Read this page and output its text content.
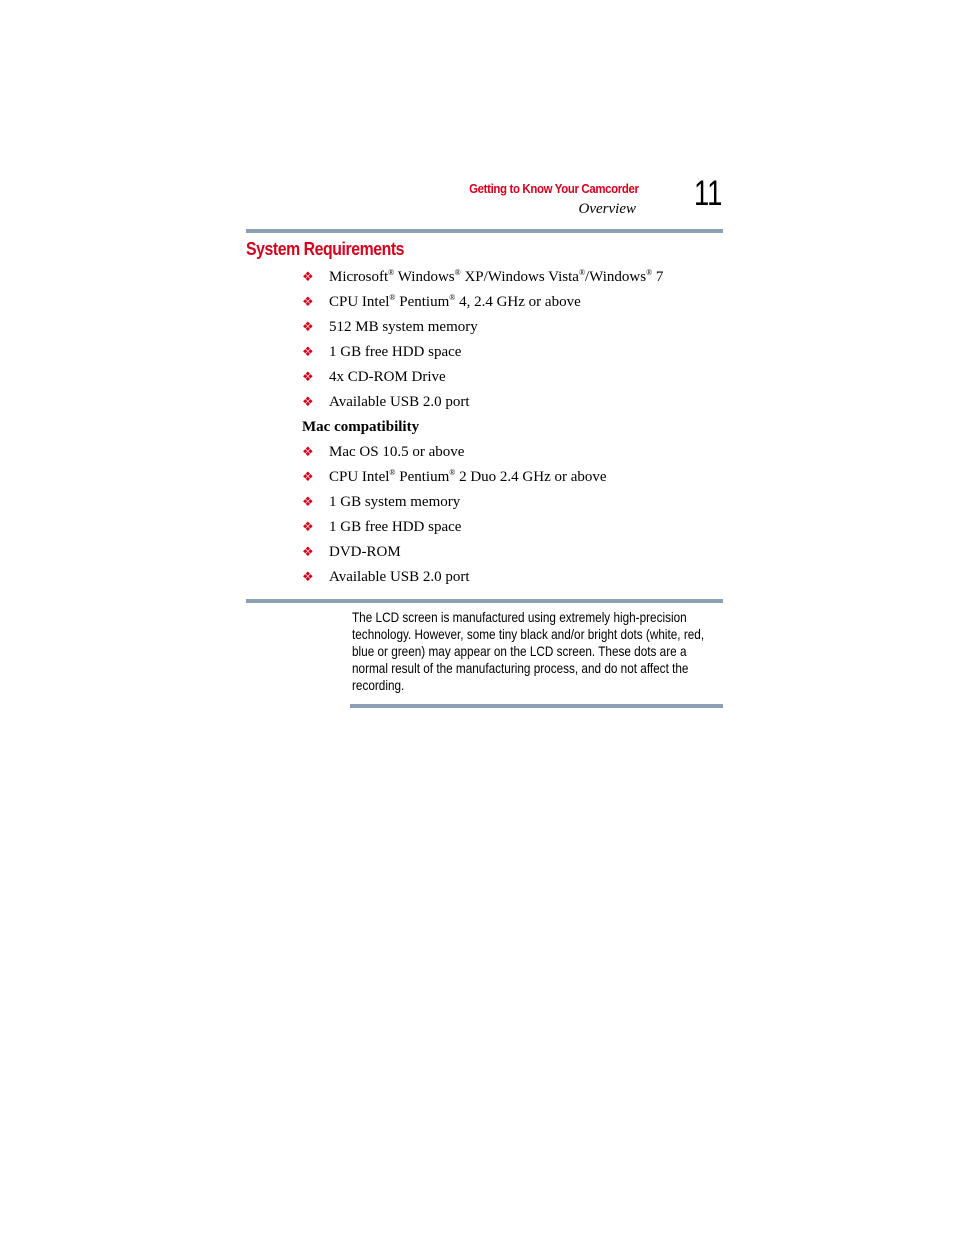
Getting to Know Your Camcorder
Overview 11
System Requirements
❖ Microsoft® Windows® XP/Windows Vista®/Windows® 7
❖ CPU Intel® Pentium® 4, 2.4 GHz or above
❖ 512 MB system memory
❖ 1 GB free HDD space
❖ 4x CD-ROM Drive
❖ Available USB 2.0 port
Mac compatibility
❖ Mac OS 10.5 or above
❖ CPU Intel® Pentium® 2 Duo 2.4 GHz or above
❖ 1 GB system memory
❖ 1 GB free HDD space
❖ DVD-ROM
❖ Available USB 2.0 port
The LCD screen is manufactured using extremely high-precision technology. However, some tiny black and/or bright dots (white, red, blue or green) may appear on the LCD screen. These dots are a normal result of the manufacturing process, and do not affect the recording.
